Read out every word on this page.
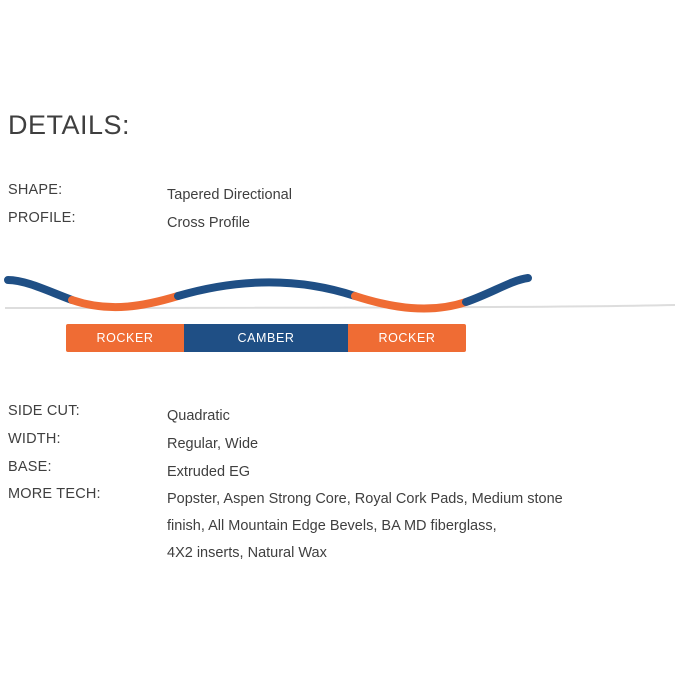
DETAILS:
SHAPE:	Tapered Directional
PROFILE:	Cross Profile
ROCKER	CAMBER	ROCKER
SIDE CUT:	Quadratic
WIDTH:	Regular, Wide
BASE:	Extruded EG
MORE TECH:	Popster, Aspen Strong Core, Royal Cork Pads, Medium stone
finish, All Mountain Edge Bevels, BA MD fiberglass,
4X2 inserts, Natural Wax
